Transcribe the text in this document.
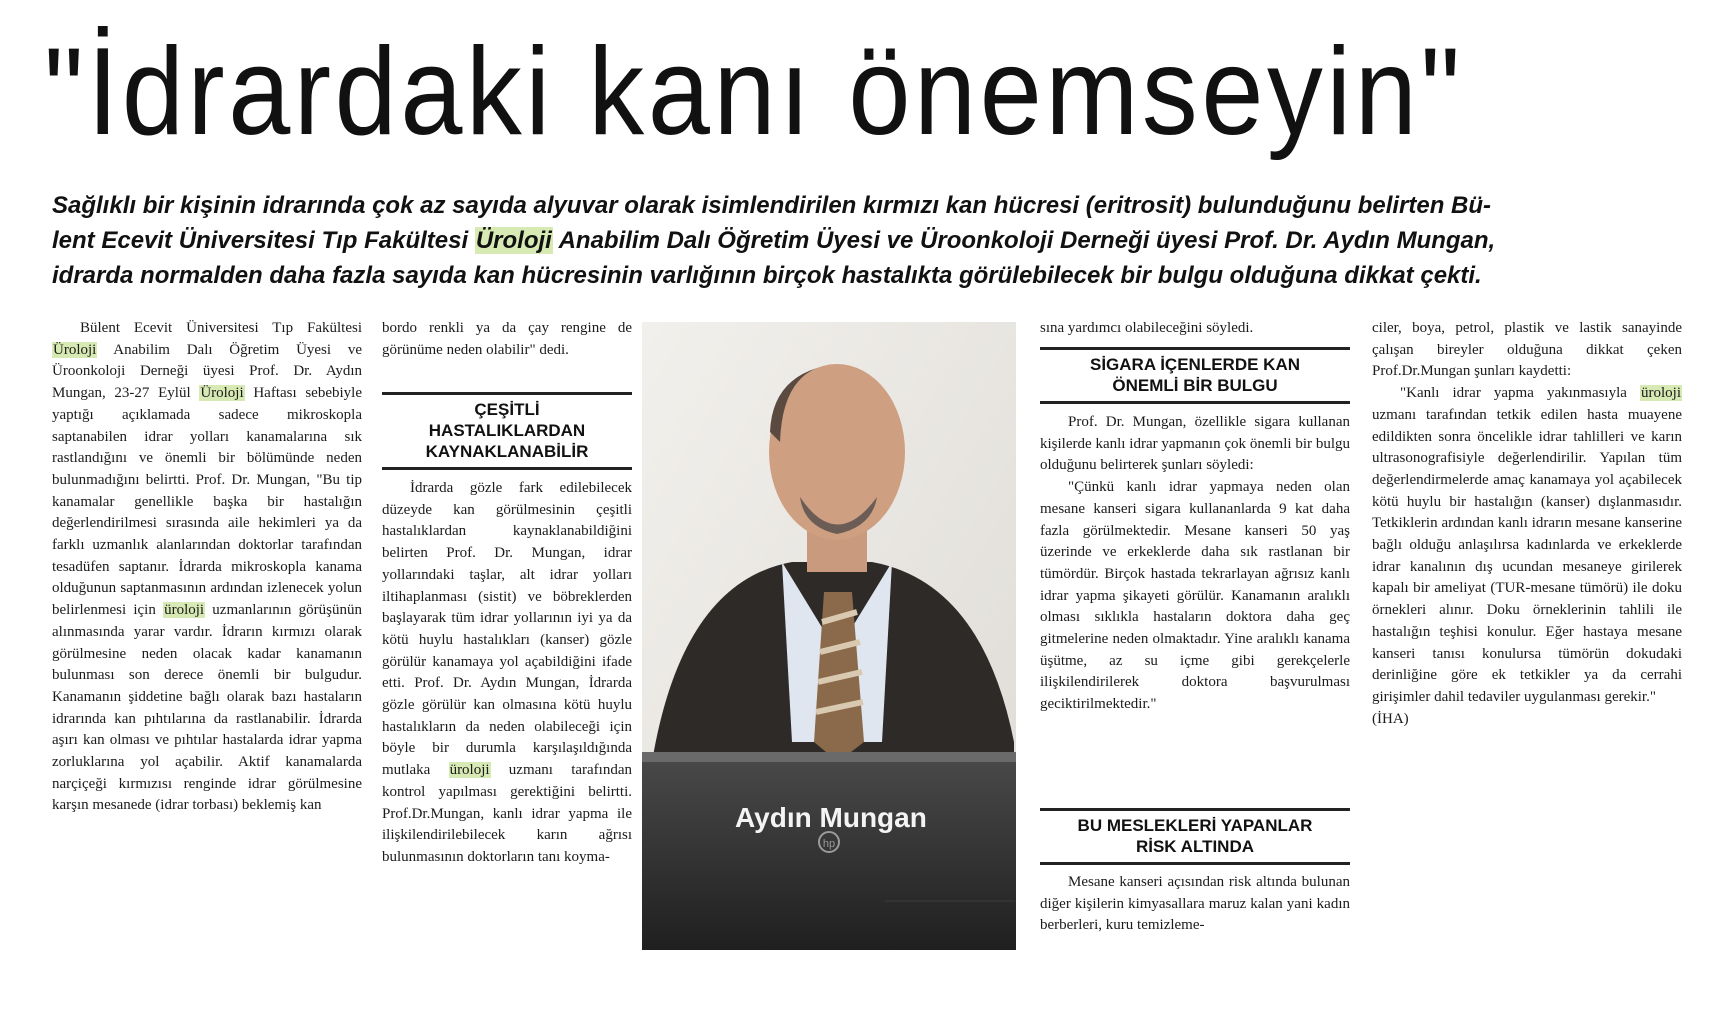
"İdrardaki kanı önemseyin"
Sağlıklı bir kişinin idrarında çok az sayıda alyuvar olarak isimlendirilen kırmızı kan hücresi (eritrosit) bulunduğunu belirten Bü-
lent Ecevit Üniversitesi Tıp Fakültesi Üroloji Anabilim Dalı Öğretim Üyesi ve Üroonkoloji Derneği üyesi Prof. Dr. Aydın Mungan,
idrarda normalden daha fazla sayıda kan hücresinin varlığının birçok hastalıkta görülebilecek bir bulgu olduğuna dikkat çekti.

Bülent Ecevit Üniversitesi Tıp Fakültesi Üroloji Anabilim Dalı Öğretim Üyesi ve Üroonkoloji Derneği üyesi Prof. Dr. Aydın Mungan, 23-27 Eylül Üroloji Haftası sebebiyle yaptığı açıklamada sadece mikroskopla saptanabilen idrar yolları kanamalarına sık rastlandığını ve önemli bir bölümünde neden bulunmadığını belirtti. Prof. Dr. Mungan, "Bu tip kanamalar genellikle başka bir hastalığın değerlendirilmesi sırasında aile hekimleri ya da farklı uzmanlık alanlarından doktorlar tarafından tesadüfen saptanır. İdrarda mikroskopla kanama olduğunun saptanmasının ardından izlenecek yolun belirlenmesi için üroloji uzmanlarının görüşünün alınmasında yarar vardır. İdrarın kırmızı olarak görülmesine neden olacak kadar kanamanın bulunması son derece önemli bir bulgudur. Kanamanın şiddetine bağlı olarak bazı hastaların idrarında kan pıhtılarına da rastlanabilir. İdrarda aşırı kan olması ve pıhtılar hastalarda idrar yapma zorluklarına yol açabilir. Aktif kanamalarda narçiçeği kırmızısı renginde idrar görülmesine karşın mesanede (idrar torbası) beklemiş kan

bordo renkli ya da çay rengine de görünüme neden olabilir" dedi.

ÇEŞİTLİ
HASTALIKLARDAN
KAYNAKLANABİLİR

İdrarda gözle fark edilebilecek düzeyde kan görülmesinin çeşitli hastalıklardan kaynaklanabildiğini belirten Prof. Dr. Mungan, idrar yollarındaki taşlar, alt idrar yolları iltihaplanması (sistit) ve böbreklerden başlayarak tüm idrar yollarının iyi ya da kötü huylu hastalıkları (kanser) gözle görülür kanamaya yol açabildiğini ifade etti. Prof. Dr. Aydın Mungan, İdrarda gözle görülür kan olmasına kötü huylu hastalıkların da neden olabileceği için böyle bir durumla karşılaşıldığında mutlaka üroloji uzmanı tarafından kontrol yapılması gerektiğini belirtti. Prof.Dr.Mungan, kanlı idrar yapma ile ilişkilendirilebilecek karın ağrısı bulunmasının doktorların tanı koyma-

hp
Aydın Mungan

sına yardımcı olabileceğini söyledi.

SİGARA İÇENLERDE KAN
ÖNEMLİ BİR BULGU

Prof. Dr. Mungan, özellikle sigara kullanan kişilerde kanlı idrar yapmanın çok önemli bir bulgu olduğunu belirterek şunları söyledi:

"Çünkü kanlı idrar yapmaya neden olan mesane kanseri sigara kullananlarda 9 kat daha fazla görülmektedir. Mesane kanseri 50 yaş üzerinde ve erkeklerde daha sık rastlanan bir tümördür. Birçok hastada tekrarlayan ağrısız kanlı idrar yapma şikayeti görülür. Kanamanın aralıklı olması sıklıkla hastaların doktora daha geç gitmelerine neden olmaktadır. Yine aralıklı kanama üşütme, az su içme gibi gerekçelerle ilişkilendirilerek doktora başvurulması geciktirilmektedir."

BU MESLEKLERİ YAPANLAR
RİSK ALTINDA

Mesane kanseri açısından risk altında bulunan diğer kişilerin kimyasallara maruz kalan yani kadın berberleri, kuru temizleme-

ciler, boya, petrol, plastik ve lastik sanayinde çalışan bireyler olduğuna dikkat çeken Prof.Dr.Mungan şunları kaydetti:

"Kanlı idrar yapma yakınmasıyla üroloji uzmanı tarafından tetkik edilen hasta muayene edildikten sonra öncelikle idrar tahlilleri ve karın ultrasonografisiyle değerlendirilir. Yapılan tüm değerlendirmelerde amaç kanamaya yol açabilecek kötü huylu bir hastalığın (kanser) dışlanmasıdır. Tetkiklerin ardından kanlı idrarın mesane kanserine bağlı olduğu anlaşılırsa kadınlarda ve erkeklerde idrar kanalının dış ucundan mesaneye girilerek kapalı bir ameliyat (TUR-mesane tümörü) ile doku örnekleri alınır. Doku örneklerinin tahlili ile hastalığın teşhisi konulur. Eğer hastaya mesane kanseri tanısı konulursa tümörün dokudaki derinliğine göre ek tetkikler ya da cerrahi girişimler dahil tedaviler uygulanması gerekir."

(İHA)
